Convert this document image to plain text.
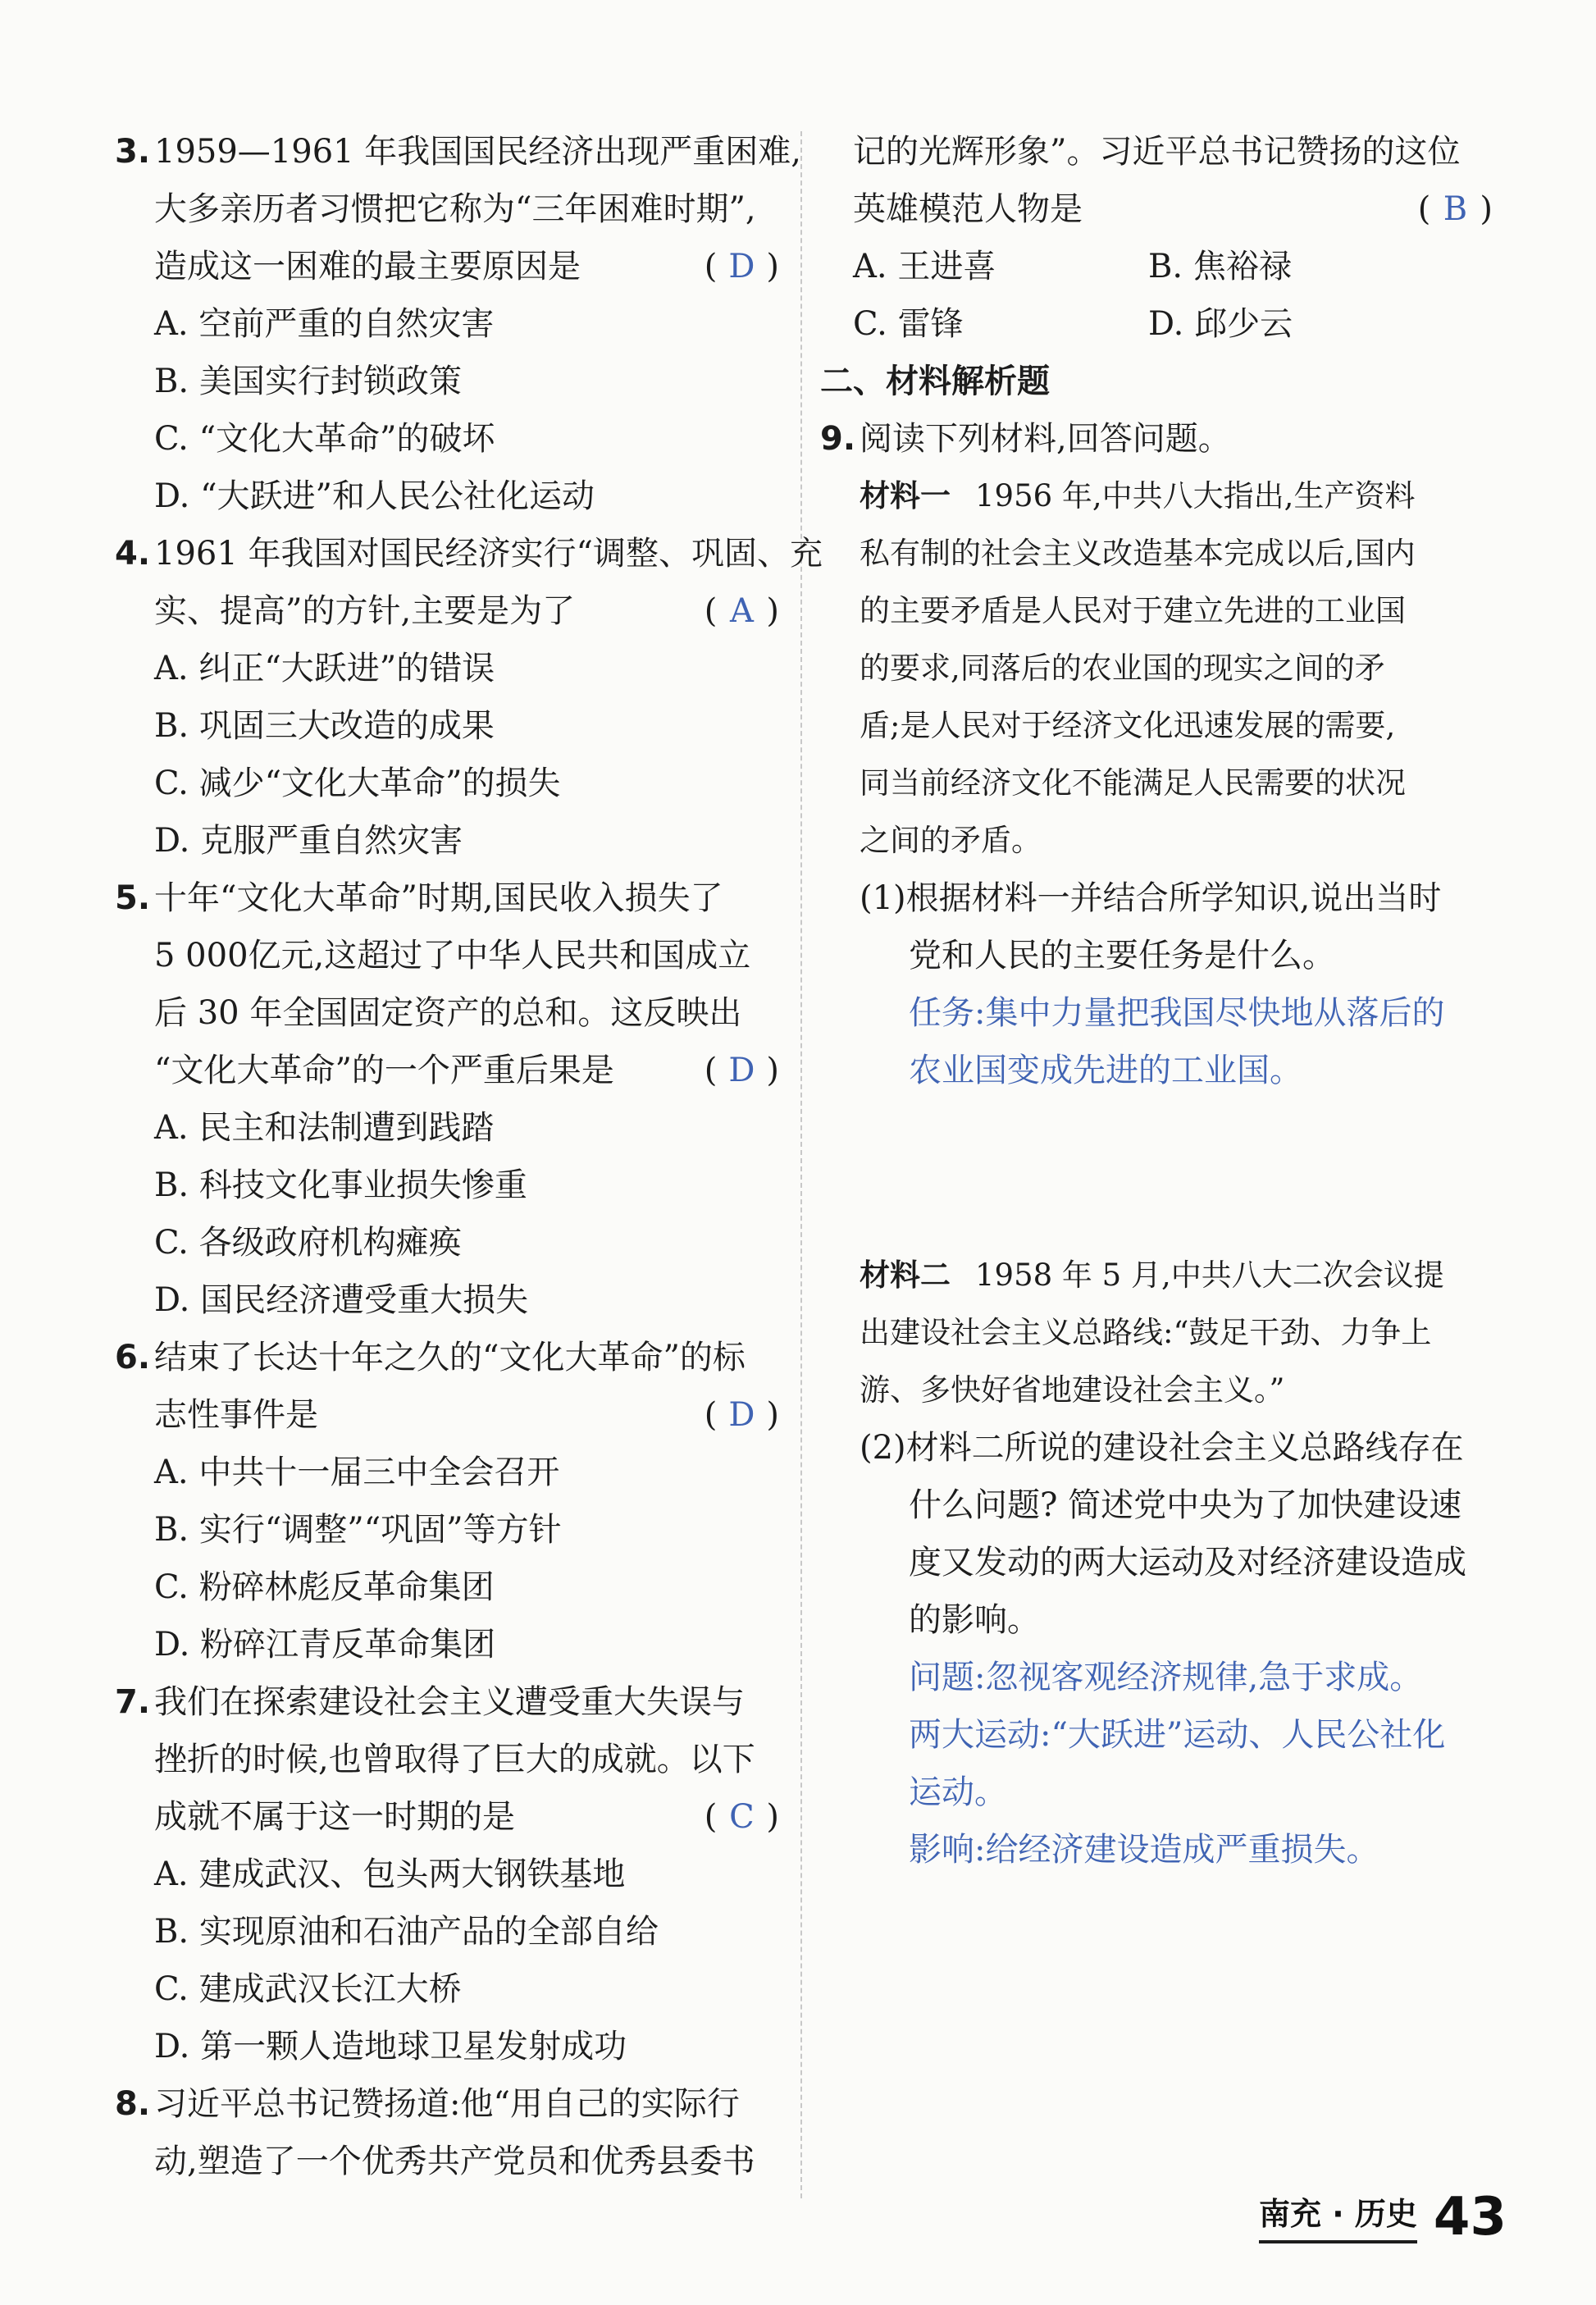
3. 1959—1961 年我国国民经济出现严重困难,
大多亲历者习惯把它称为“三年困难时期”,
造成这一困难的最主要原因是	( D )
A. 空前严重的自然灾害
B. 美国实行封锁政策
C. “文化大革命”的破坏
D. “大跃进”和人民公社化运动
4. 1961 年我国对国民经济实行“调整、巩固、充
实、提高”的方针,主要是为了	( A )
A. 纠正“大跃进”的错误
B. 巩固三大改造的成果
C. 减少“文化大革命”的损失
D. 克服严重自然灾害
5. 十年“文化大革命”时期,国民收入损失了
5 000亿元,这超过了中华人民共和国成立
后 30 年全国固定资产的总和。这反映出
“文化大革命”的一个严重后果是	( D )
A. 民主和法制遭到践踏
B. 科技文化事业损失惨重
C. 各级政府机构瘫痪
D. 国民经济遭受重大损失
6. 结束了长达十年之久的“文化大革命”的标
志性事件是	( D )
A. 中共十一届三中全会召开
B. 实行“调整”“巩固”等方针
C. 粉碎林彪反革命集团
D. 粉碎江青反革命集团
7. 我们在探索建设社会主义遭受重大失误与
挫折的时候,也曾取得了巨大的成就。以下
成就不属于这一时期的是	( C )
A. 建成武汉、包头两大钢铁基地
B. 实现原油和石油产品的全部自给
C. 建成武汉长江大桥
D. 第一颗人造地球卫星发射成功
8. 习近平总书记赞扬道:他“用自己的实际行
动,塑造了一个优秀共产党员和优秀县委书
记的光辉形象”。习近平总书记赞扬的这位
英雄模范人物是	( B )
A. 王进喜	B. 焦裕禄
C. 雷锋	D. 邱少云
二、材料解析题
9. 阅读下列材料,回答问题。
材料一 1956 年,中共八大指出,生产资料
私有制的社会主义改造基本完成以后,国内
的主要矛盾是人民对于建立先进的工业国
的要求,同落后的农业国的现实之间的矛
盾;是人民对于经济文化迅速发展的需要,
同当前经济文化不能满足人民需要的状况
之间的矛盾。
(1)根据材料一并结合所学知识,说出当时
党和人民的主要任务是什么。
任务:集中力量把我国尽快地从落后的
农业国变成先进的工业国。
材料二 1958 年 5 月,中共八大二次会议提
出建设社会主义总路线:“鼓足干劲、力争上
游、多快好省地建设社会主义。”
(2)材料二所说的建设社会主义总路线存在
什么问题? 简述党中央为了加快建设速
度又发动的两大运动及对经济建设造成
的影响。
问题:忽视客观经济规律,急于求成。
两大运动:“大跃进”运动、人民公社化
运动。
影响:给经济建设造成严重损失。
南充 · 历史 43
